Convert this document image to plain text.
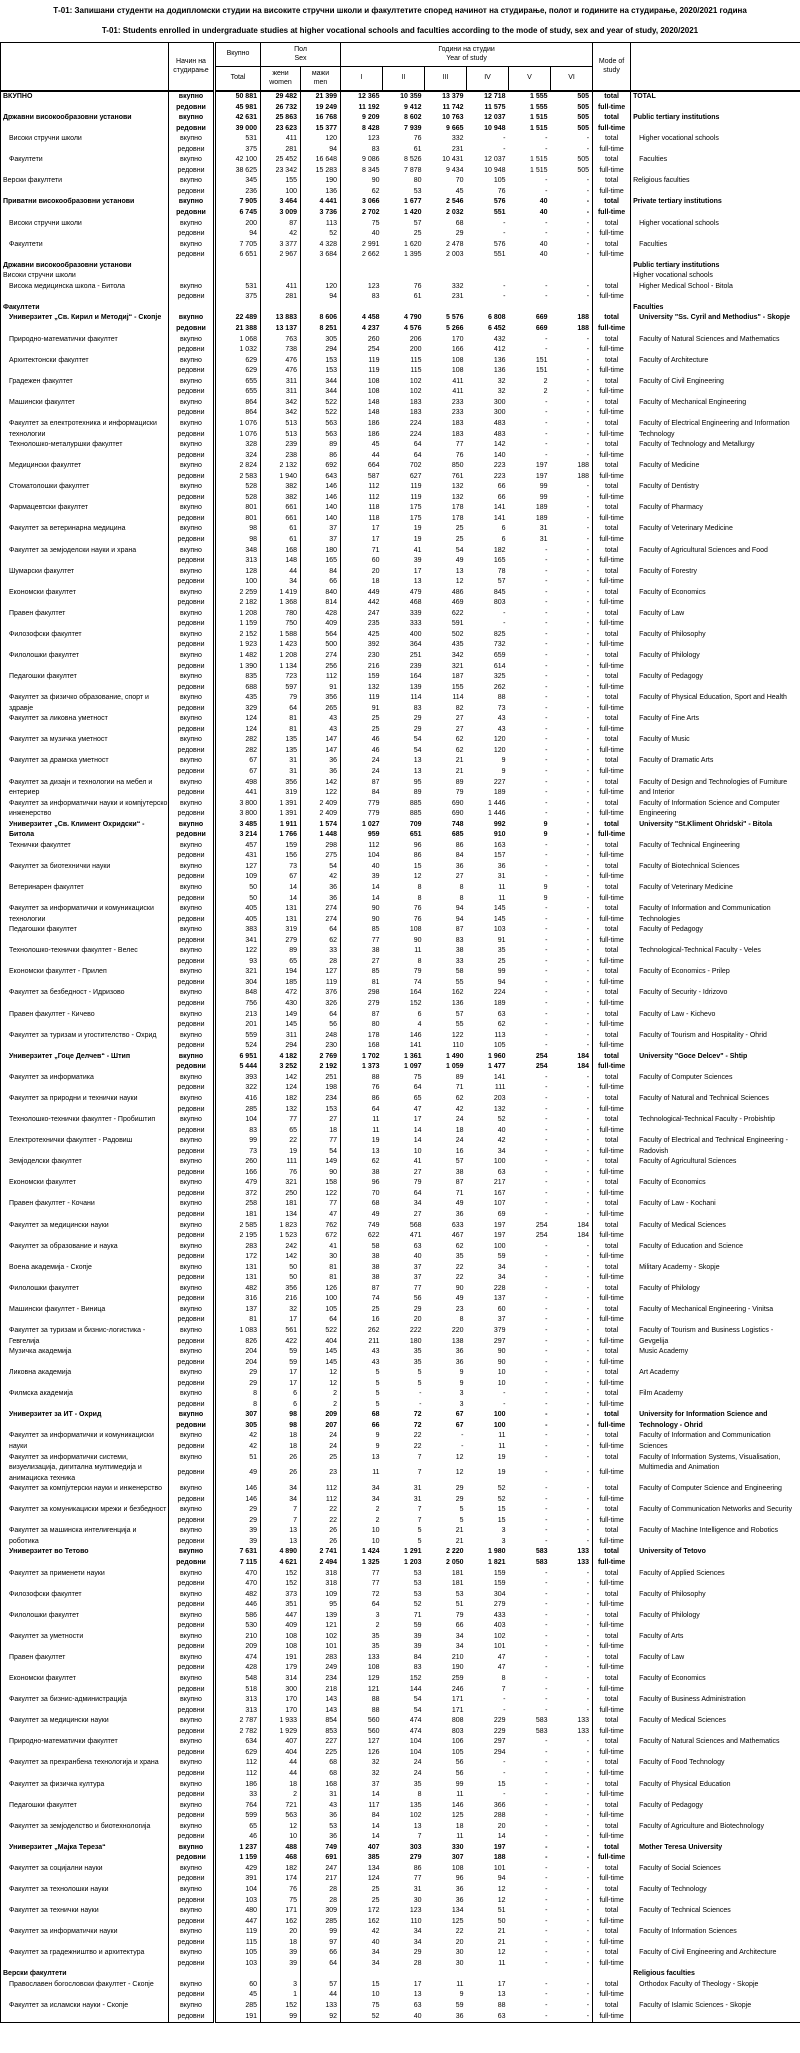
Т-01: Запишани студенти на додипломски студии на високите стручни школи и факултетите според начинот на студирање, полот и годините на студирање, 2020/2021 година
T-01: Students enrolled in undergraduate studies at higher vocational schools and faculties according to the mode of study, sex and year of study, 2020/2021
	Начин на
студирање	Вкупно	Пол
Sex		Години на студии
Year of study						Mode of
study	
		Total	жени
women	мажи
men	I	II	III	IV	V	VI		
ВКУПНО	вкупно	50 881	29 482	21 399	12 365	10 359	13 379	12 718	1 555	505	total	TOTAL
	редовни	45 981	26 732	19 249	11 192	9 412	11 742	11 575	1 555	505	full-time	
Државни високообразовни установи	вкупно	42 631	25 863	16 768	9 209	8 602	10 763	12 037	1 515	505	total	Public tertiary institutions
	редовни	39 000	23 623	15 377	8 428	7 939	9 665	10 948	1 515	505	full-time	
Високи стручни школи	вкупно	531	411	120	123	76	332	-	-	-	total	Higher vocational schools
	редовни	375	281	94	83	61	231	-	-	-	full-time	
Факултети	вкупно	42 100	25 452	16 648	9 086	8 526	10 431	12 037	1 515	505	total	Faculties
	редовни	38 625	23 342	15 283	8 345	7 878	9 434	10 948	1 515	505	full-time	
Верски факултети	вкупно	345	155	190	90	80	70	105	-	-	total	Religious faculties
	редовни	236	100	136	62	53	45	76	-	-	full-time	
Приватни високообразовни установи	вкупно	7 905	3 464	4 441	3 066	1 677	2 546	576	40	-	total	Private tertiary institutions
	редовни	6 745	3 009	3 736	2 702	1 420	2 032	551	40	-	full-time	
Високи стручни школи	вкупно	200	87	113	75	57	68	-	-	-	total	Higher vocational schools
	редовни	94	42	52	40	25	29	-	-	-	full-time	
Факултети	вкупно	7 705	3 377	4 328	2 991	1 620	2 478	576	40	-	total	Faculties
	редовни	6 651	2 967	3 684	2 662	1 395	2 003	551	40	-	full-time	
Државни високообразовни установи												Public tertiary institutions
Високи стручни школи												Higher vocational schools
Висока медицинска школа - Битола	вкупно	531	411	120	123	76	332	-	-	-	total	Higher Medical School - Bitola
	редовни	375	281	94	83	61	231	-	-	-	full-time	
Факултети												Faculties
Универзитет „Св. Кирил и Методиј“ - Скопје	вкупно	22 489	13 883	8 606	4 458	4 790	5 576	6 808	669	188	total	University "Ss. Cyril and Methodius" - Skopje
	редовни	21 388	13 137	8 251	4 237	4 576	5 266	6 452	669	188	full-time	
Природно-математички факултет	вкупно	1 068	763	305	260	206	170	432	-	-	total	Faculty of Natural Sciences and Mathematics
	редовни	1 032	738	294	254	200	166	412	-	-	full-time	
Архитектонски факултет	вкупно	629	476	153	119	115	108	136	151	-	total	Faculty of Architecture
	редовни	629	476	153	119	115	108	136	151	-	full-time	
Градежен факултет	вкупно	655	311	344	108	102	411	32	2	-	total	Faculty of Civil Engineering
	редовни	655	311	344	108	102	411	32	2	-	full-time	
Машински факултет	вкупно	864	342	522	148	183	233	300	-	-	total	Faculty of Mechanical Engineering
	редовни	864	342	522	148	183	233	300	-	-	full-time	
Факултет за електротехника и информациски технологии	вкупно	1 076	513	563	186	224	183	483	-	-	total	Faculty of Electrical Engineering and Information Technology
	редовни	1 076	513	563	186	224	183	483	-	-	full-time	
Технолошко-металуршки факултет	вкупно	328	239	89	45	64	77	142	-	-	total	Faculty of Technology and Metallurgy
	редовни	324	238	86	44	64	76	140	-	-	full-time	
Медицински факултет	вкупно	2 824	2 132	692	664	702	850	223	197	188	total	Faculty of Medicine
	редовни	2 583	1 940	643	587	627	761	223	197	188	full-time	
Стоматолошки факултет	вкупно	528	382	146	112	119	132	66	99	-	total	Faculty of Dentistry
	редовни	528	382	146	112	119	132	66	99	-	full-time	
Фармацевтски факултет	вкупно	801	661	140	118	175	178	141	189	-	total	Faculty of Pharmacy
	редовни	801	661	140	118	175	178	141	189	-	full-time	
Факултет за ветеринарна медицина	вкупно	98	61	37	17	19	25	6	31	-	total	Faculty of Veterinary Medicine
	редовни	98	61	37	17	19	25	6	31	-	full-time	
Факултет за земјоделски науки и храна	вкупно	348	168	180	71	41	54	182	-	-	total	Faculty of Agricultural Sciences and Food
	редовни	313	148	165	60	39	49	165	-	-	full-time	
Шумарски факултет	вкупно	128	44	84	20	17	13	78	-	-	total	Faculty of Forestry
	редовни	100	34	66	18	13	12	57	-	-	full-time	
Економски факултет	вкупно	2 259	1 419	840	449	479	486	845	-	-	total	Faculty of Economics
	редовни	2 182	1 368	814	442	468	469	803	-	-	full-time	
Правен факултет	вкупно	1 208	780	428	247	339	622	-	-	-	total	Faculty of Law
	редовни	1 159	750	409	235	333	591	-	-	-	full-time	
Филозофски факултет	вкупно	2 152	1 588	564	425	400	502	825	-	-	total	Faculty of Philosophy
	редовни	1 923	1 423	500	392	364	435	732	-	-	full-time	
Филолошки факултет	вкупно	1 482	1 208	274	230	251	342	659	-	-	total	Faculty of Philology
	редовни	1 390	1 134	256	216	239	321	614	-	-	full-time	
Педагошки факултет	вкупно	835	723	112	159	164	187	325	-	-	total	Faculty of Pedagogy
	редовни	688	597	91	132	139	155	262	-	-	full-time	
Факултет за физичко образование, спорт и здравје	вкупно	435	79	356	119	114	114	88	-	-	total	Faculty of Physical Education, Sport and Health
	редовни	329	64	265	91	83	82	73	-	-	full-time	
Факултет за ликовна уметност	вкупно	124	81	43	25	29	27	43	-	-	total	Faculty of Fine Arts
	редовни	124	81	43	25	29	27	43	-	-	full-time	
Факултет за музичка уметност	вкупно	282	135	147	46	54	62	120	-	-	total	Faculty of Music
	редовни	282	135	147	46	54	62	120	-	-	full-time	
Факултет за драмска уметност	вкупно	67	31	36	24	13	21	9	-	-	total	Faculty of Dramatic Arts
	редовни	67	31	36	24	13	21	9	-	-	full-time	
Факултет за дизајн и технологии на мебел и ентериер	вкупно	498	356	142	87	95	89	227	-	-	total	Faculty of Design and Technologies of Furniture and Interior
	редовни	441	319	122	84	89	79	189	-	-	full-time	
Факултет за информатички науки и компјутерско инженерство	вкупно	3 800	1 391	2 409	779	885	690	1 446	-	-	total	Faculty of Information Science and Computer Engineering
	редовни	3 800	1 391	2 409	779	885	690	1 446	-	-	full-time	
Универзитет „Св. Климент Охридски“ - Битола	вкупно	3 485	1 911	1 574	1 027	709	748	992	9	-	total	University "St.Kliment Ohridski" - Bitola
	редовни	3 214	1 766	1 448	959	651	685	910	9	-	full-time	
Технички факултет	вкупно	457	159	298	112	96	86	163	-	-	total	Faculty of Technical Engineering
	редовни	431	156	275	104	86	84	157	-	-	full-time	
Факултет за биотехнички науки	вкупно	127	73	54	40	15	36	36	-	-	total	Faculty of Biotechnical Sciences
	редовни	109	67	42	39	12	27	31	-	-	full-time	
Ветеринарен факултет	вкупно	50	14	36	14	8	8	11	9	-	total	Faculty of Veterinary Medicine
	редовни	50	14	36	14	8	8	11	9	-	full-time	
Факултет за информатички и комуникациски технологии	вкупно	405	131	274	90	76	94	145	-	-	total	Faculty of Information and Communication Technologies
	редовни	405	131	274	90	76	94	145	-	-	full-time	
Педагошки факултет	вкупно	383	319	64	85	108	87	103	-	-	total	Faculty of Pedagogy
	редовни	341	279	62	77	90	83	91	-	-	full-time	
Технолошко-технички факултет - Велес	вкупно	122	89	33	38	11	38	35	-	-	total	Technological-Technical Faculty - Veles
	редовни	93	65	28	27	8	33	25	-	-	full-time	
Економски факултет - Прилеп	вкупно	321	194	127	85	79	58	99	-	-	total	Faculty of Economics - Prilep
	редовни	304	185	119	81	74	55	94	-	-	full-time	
Факултет за безбедност - Идризово	вкупно	848	472	376	298	164	162	224	-	-	total	Faculty of Security - Idrizovo
	редовни	756	430	326	279	152	136	189	-	-	full-time	
Правен факултет - Кичево	вкупно	213	149	64	87	6	57	63	-	-	total	Faculty of Law - Kichevo
	редовни	201	145	56	80	4	55	62	-	-	full-time	
Факултет за туризам и угостителство - Охрид	вкупно	559	311	248	178	146	122	113	-	-	total	Faculty of Tourism and Hospitality - Ohrid
	редовни	524	294	230	168	141	110	105	-	-	full-time	
Универзитет „Гоце Делчев“ - Штип	вкупно	6 951	4 182	2 769	1 702	1 361	1 490	1 960	254	184	total	University "Goce Delcev" - Shtip
	редовни	5 444	3 252	2 192	1 373	1 097	1 059	1 477	254	184	full-time	
Факултет за информатика	вкупно	393	142	251	88	75	89	141	-	-	total	Faculty of Computer Sciences
	редовни	322	124	198	76	64	71	111	-	-	full-time	
Факултет за природни и технички науки	вкупно	416	182	234	86	65	62	203	-	-	total	Faculty of Natural and Technical Sciences
	редовни	285	132	153	64	47	42	132	-	-	full-time	
Технолошко-технички факултет - Пробиштип	вкупно	104	77	27	11	17	24	52	-	-	total	Technological-Technical Faculty - Probishtip
	редовни	83	65	18	11	14	18	40	-	-	full-time	
Електротехнички факултет - Радовиш	вкупно	99	22	77	19	14	24	42	-	-	total	Faculty of Electrical and Technical Engineering - Radovish
	редовни	73	19	54	13	10	16	34	-	-	full-time	
Земјоделски факултет	вкупно	260	111	149	62	41	57	100	-	-	total	Faculty of Agricultural Sciences
	редовни	166	76	90	38	27	38	63	-	-	full-time	
Економски факултет	вкупно	479	321	158	96	79	87	217	-	-	total	Faculty of Economics
	редовни	372	250	122	70	64	71	167	-	-	full-time	
Правен факултет - Кочани	вкупно	258	181	77	68	34	49	107	-	-	total	Faculty of Law - Kochani
	редовни	181	134	47	49	27	36	69	-	-	full-time	
Факултет за медицински науки	вкупно	2 585	1 823	762	749	568	633	197	254	184	total	Faculty of Medical Sciences
	редовни	2 195	1 523	672	622	471	467	197	254	184	full-time	
Факултет за образование и наука	вкупно	283	242	41	58	63	62	100	-	-	total	Faculty of Education and Science
	редовни	172	142	30	38	40	35	59	-	-	full-time	
Воена академија - Скопје	вкупно	131	50	81	38	37	22	34	-	-	total	Military Academy - Skopje
	редовни	131	50	81	38	37	22	34	-	-	full-time	
Филолошки факултет	вкупно	482	356	126	87	77	90	228	-	-	total	Faculty of Philology
	редовни	316	216	100	74	56	49	137	-	-	full-time	
Машински факултет - Виница	вкупно	137	32	105	25	29	23	60	-	-	total	Faculty of Mechanical Engineering - Vinitsa
	редовни	81	17	64	16	20	8	37	-	-	full-time	
Факултет за туризам и бизнис-логистика - Гевгелија	вкупно	1 083	561	522	262	222	220	379	-	-	total	Faculty of Tourism and Business Logistics - Gevgelija
	редовни	826	422	404	211	180	138	297	-	-	full-time	
Музичка академија	вкупно	204	59	145	43	35	36	90	-	-	total	Music Academy
	редовни	204	59	145	43	35	36	90	-	-	full-time	
Ликовна академија	вкупно	29	17	12	5	5	9	10	-	-	total	Art Academy
	редовни	29	17	12	5	5	9	10	-	-	full-time	
Филмска академија	вкупно	8	6	2	5	-	3	-	-	-	total	Film Academy
	редовни	8	6	2	5	-	3	-	-	-	full-time	
Универзитет за ИТ - Охрид	вкупно	307	98	209	68	72	67	100	-	-	total	University for Information Science and Technology - Ohrid
	редовни	305	98	207	66	72	67	100	-	-	full-time	
Факултет за информатички и комуникациски науки	вкупно	42	18	24	9	22	-	11	-	-	total	Faculty of Information and Communication Sciences
	редовни	42	18	24	9	22	-	11	-	-	full-time	
Факултет за информатички системи, визуелизација, дигитална мултимедија и анимациска техника	вкупно	51	26	25	13	7	12	19	-	-	total	Faculty of Information Systems, Visualisation, Multimedia and Animation
	редовни	49	26	23	11	7	12	19	-	-	full-time	
Факултет за компјутерски науки и инженерство	вкупно	146	34	112	34	31	29	52	-	-	total	Faculty of Computer Science and Engineering
	редовни	146	34	112	34	31	29	52	-	-	full-time	
Факултет за комуникациски мрежи и безбедност	вкупно	29	7	22	2	7	5	15	-	-	total	Faculty of Communication Networks and Security
	редовни	29	7	22	2	7	5	15	-	-	full-time	
Факултет за машинска интелигенција и роботика	вкупно	39	13	26	10	5	21	3	-	-	total	Faculty of Machine Intelligence and Robotics
	редовни	39	13	26	10	5	21	3	-	-	full-time	
Универзитет во Тетово	вкупно	7 631	4 890	2 741	1 424	1 291	2 220	1 980	583	133	total	University of Tetovo
	редовни	7 115	4 621	2 494	1 325	1 203	2 050	1 821	583	133	full-time	
Факултет за применети науки	вкупно	470	152	318	77	53	181	159	-	-	total	Faculty of Applied Sciences
	редовни	470	152	318	77	53	181	159	-	-	full-time	
Филозофски факултет	вкупно	482	373	109	72	53	53	304	-	-	total	Faculty of Philosophy
	редовни	446	351	95	64	52	51	279	-	-	full-time	
Филолошки факултет	вкупно	586	447	139	3	71	79	433	-	-	total	Faculty of Philology
	редовни	530	409	121	2	59	66	403	-	-	full-time	
Факултет за уметности	вкупно	210	108	102	35	39	34	102	-	-	total	Faculty of Arts
	редовни	209	108	101	35	39	34	101	-	-	full-time	
Правен факултет	вкупно	474	191	283	133	84	210	47	-	-	total	Faculty of Law
	редовни	428	179	249	108	83	190	47	-	-	full-time	
Економски факултет	вкупно	548	314	234	129	152	259	8	-	-	total	Faculty of Economics
	редовни	518	300	218	121	144	246	7	-	-	full-time	
Факултет за бизнис-администрација	вкупно	313	170	143	88	54	171	-	-	-	total	Faculty of Business Administration
	редовни	313	170	143	88	54	171	-	-	-	full-time	
Факултет за медицински науки	вкупно	2 787	1 933	854	560	474	808	229	583	133	total	Faculty of Medical Sciences
	редовни	2 782	1 929	853	560	474	803	229	583	133	full-time	
Природно-математички факултет	вкупно	634	407	227	127	104	106	297	-	-	total	Faculty of Natural Sciences and Mathematics
	редовни	629	404	225	126	104	105	294	-	-	full-time	
Факултет за прехранбена технологија и храна	вкупно	112	44	68	32	24	56	-	-	-	total	Faculty of Food Technology
	редовни	112	44	68	32	24	56	-	-	-	full-time	
Факултет за физичка култура	вкупно	186	18	168	37	35	99	15	-	-	total	Faculty of Physical Education
	редовни	33	2	31	14	8	11	-	-	-	full-time	
Педагошки факултет	вкупно	764	721	43	117	135	146	366	-	-	total	Faculty of Pedagogy
	редовни	599	563	36	84	102	125	288	-	-	full-time	
Факултет за земјоделство и биотехнологија	вкупно	65	12	53	14	13	18	20	-	-	total	Faculty of Agriculture and Biotechnology
	редовни	46	10	36	14	7	11	14	-	-	full-time	
Универзитет „Мајка Тереза“	вкупно	1 237	488	749	407	303	330	197	-	-	total	Mother Teresa University
	редовни	1 159	468	691	385	279	307	188	-	-	full-time	
Факултет за социјални науки	вкупно	429	182	247	134	86	108	101	-	-	total	Faculty of Social Sciences
	редовни	391	174	217	124	77	96	94	-	-	full-time	
Факултет за технолошки науки	вкупно	104	76	28	25	31	36	12	-	-	total	Faculty of Technology
	редовни	103	75	28	25	30	36	12	-	-	full-time	
Факултет за технички науки	вкупно	480	171	309	172	123	134	51	-	-	total	Faculty of Technical Sciences
	редовни	447	162	285	162	110	125	50	-	-	full-time	
Факултет за информатички науки	вкупно	119	20	99	42	34	22	21	-	-	total	Faculty of Information Sciences
	редовни	115	18	97	40	34	20	21	-	-	full-time	
Факултет за градежништво и архитектура	вкупно	105	39	66	34	29	30	12	-	-	total	Faculty of Civil Engineering and Architecture
	редовни	103	39	64	34	28	30	11	-	-	full-time	
Верски факултети												Religious faculties
Православен богословски факултет - Скопје	вкупно	60	3	57	15	17	11	17	-	-	total	Orthodox Faculty of Theology - Skopje
	редовни	45	1	44	10	13	9	13	-	-	full-time	
Факултет за исламски науки - Скопје	вкупно	285	152	133	75	63	59	88	-	-	total	Faculty of Islamic Sciences - Skopje
	редовни	191	99	92	52	40	36	63	-	-	full-time	
